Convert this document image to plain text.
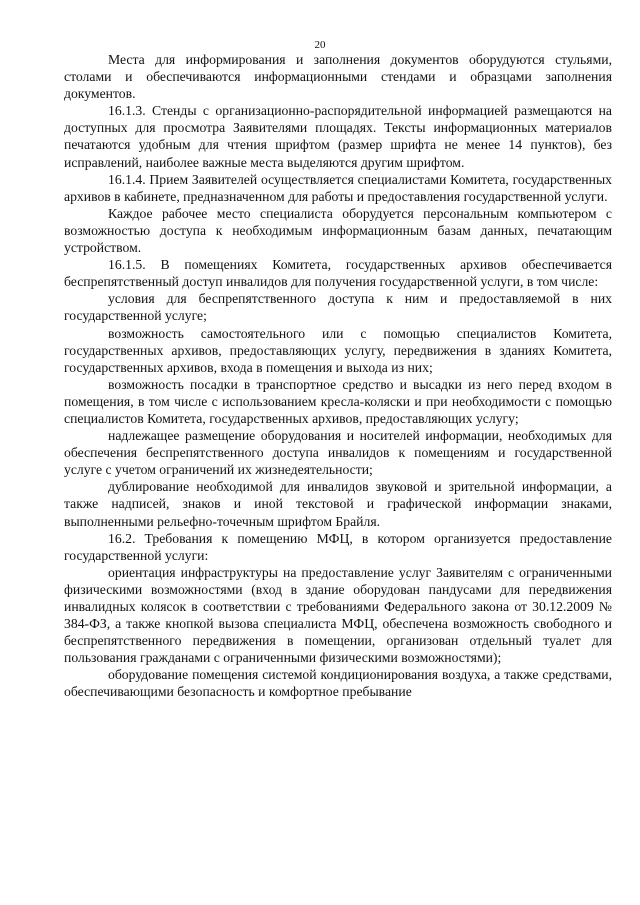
20

Места для информирования и заполнения документов оборудуются стульями, столами и обеспечиваются информационными стендами и образцами заполнения документов.

16.1.3. Стенды с организационно-распорядительной информацией размещаются на доступных для просмотра Заявителями площадях. Тексты информационных материалов печатаются удобным для чтения шрифтом (размер шрифта не менее 14 пунктов), без исправлений, наиболее важные места выделяются другим шрифтом.

16.1.4. Прием Заявителей осуществляется специалистами Комитета, государственных архивов в кабинете, предназначенном для работы и предоставления государственной услуги.

Каждое рабочее место специалиста оборудуется персональным компьютером с возможностью доступа к необходимым информационным базам данных, печатающим устройством.

16.1.5. В помещениях Комитета, государственных архивов обеспечивается беспрепятственный доступ инвалидов для получения государственной услуги, в том числе:

условия для беспрепятственного доступа к ним и предоставляемой в них государственной услуге;

возможность самостоятельного или с помощью специалистов Комитета, государственных архивов, предоставляющих услугу, передвижения в зданиях Комитета, государственных архивов, входа в помещения и выхода из них;

возможность посадки в транспортное средство и высадки из него перед входом в помещения, в том числе с использованием кресла-коляски и при необходимости с помощью специалистов Комитета, государственных архивов, предоставляющих услугу;

надлежащее размещение оборудования и носителей информации, необходимых для обеспечения беспрепятственного доступа инвалидов к помещениям и государственной услуге с учетом ограничений их жизнедеятельности;

дублирование необходимой для инвалидов звуковой и зрительной информации, а также надписей, знаков и иной текстовой и графической информации знаками, выполненными рельефно-точечным шрифтом Брайля.

16.2. Требования к помещению МФЦ, в котором организуется предоставление государственной услуги:

ориентация инфраструктуры на предоставление услуг Заявителям с ограниченными физическими возможностями (вход в здание оборудован пандусами для передвижения инвалидных колясок в соответствии с требованиями Федерального закона от 30.12.2009 № 384-ФЗ, а также кнопкой вызова специалиста МФЦ, обеспечена возможность свободного и беспрепятственного передвижения в помещении, организован отдельный туалет для пользования гражданами с ограниченными физическими возможностями);

оборудование помещения системой кондиционирования воздуха, а также средствами, обеспечивающими безопасность и комфортное пребывание
